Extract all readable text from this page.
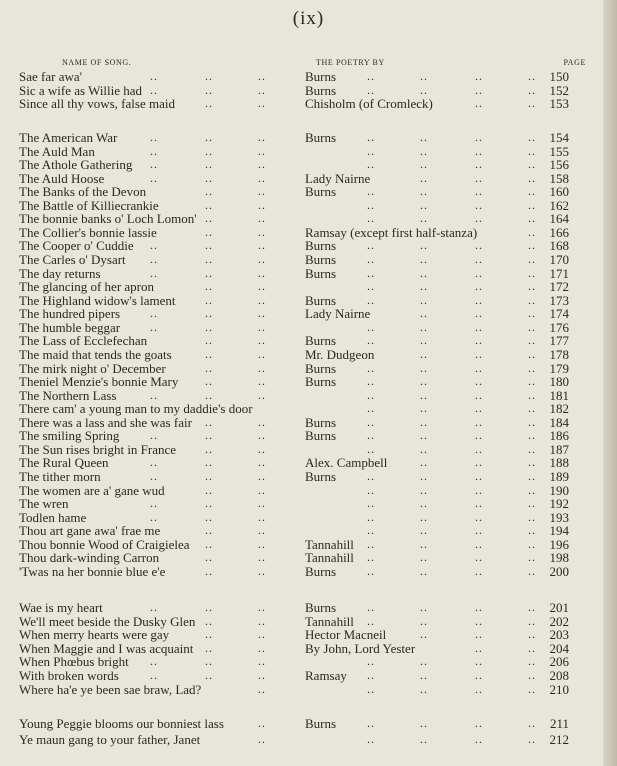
(ix)
NAME OF SONG.	THE POETRY BY	PAGE
Sae far awa'	Burns	150
..	..	..	..	..	..	..
Sic a wife as Willie had	Burns	152
..	..	..	..	..	..	..
Since all thy vows, false maid	Chisholm (of Cromleck)	153
..	..	..	..
The American War	Burns	154
..	..	..	..	..	..	..
The Auld Man	155
..	..	..	..	..	..	..
The Athole Gathering	156
..	..	..	..	..	..	..
The Auld Hoose	Lady Nairne	158
..	..	..	..	..	..
The Banks of the Devon	Burns	160
..	..	..	..	..	..
The Battle of Killiecrankie	162
..	..	..	..	..	..
The bonnie banks o' Loch Lomon'	164
..	..	..	..	..	..
The Collier's bonnie lassie	Ramsay (except first half-stanza)	166
..	..	..
The Cooper o' Cuddie	Burns	168
..	..	..	..	..	..	..
The Carles o' Dysart	Burns	170
..	..	..	..	..	..	..
The day returns	Burns	171
..	..	..	..	..	..	..
The glancing of her apron	172
..	..	..	..	..	..
The Highland widow's lament	Burns	173
..	..	..	..	..	..
The hundred pipers	Lady Nairne	174
..	..	..	..	..	..
The humble beggar	176
..	..	..	..	..	..	..
The Lass of Ecclefechan	Burns	177
..	..	..	..	..	..
The maid that tends the goats	Mr. Dudgeon	178
..	..	..	..	..
The mirk night o' December	Burns	179
..	..	..	..	..	..
Theniel Menzie's bonnie Mary	Burns	180
..	..	..	..	..	..
The Northern Lass	181
..	..	..	..	..	..	..
There cam' a young man to my daddie's door	182
..	..	..	..
There was a lass and she was fair	Burns	184
..	..	..	..	..	..
The smiling Spring	Burns	186
..	..	..	..	..	..	..
The Sun rises bright in France	187
..	..	..	..	..	..
The Rural Queen	Alex. Campbell	188
..	..	..	..	..	..
The tither morn	Burns	189
..	..	..	..	..	..	..
The women are a' gane wud	190
..	..	..	..	..	..
The wren	192
..	..	..	..	..	..	..
Todlen hame	193
..	..	..	..	..	..	..
Thou art gane awa' frae me	194
..	..	..	..	..	..
Thou bonnie Wood of Craigielea	Tannahill	196
..	..	..	..	..	..
Thou dark-winding Carron	Tannahill	198
..	..	..	..	..	..
'Twas na her bonnie blue e'e	Burns	200
..	..	..	..	..	..
Wae is my heart	Burns	201
..	..	..	..	..	..	..
We'll meet beside the Dusky Glen	Tannahill	202
..	..	..	..	..	..
When merry hearts were gay	Hector Macneil	203
..	..	..	..	..
When Maggie and I was acquaint	By John, Lord Yester	204
..	..	..	..
When Phœbus bright	206
..	..	..	..	..	..	..
With broken words	Ramsay	208
..	..	..	..	..	..	..
Where ha'e ye been sae braw, Lad?	210
..	..	..	..	..
Young Peggie blooms our bonniest lass	Burns	211
..	..	..	..	..
Ye maun gang to your father, Janet	212
..	..	..	..	..
